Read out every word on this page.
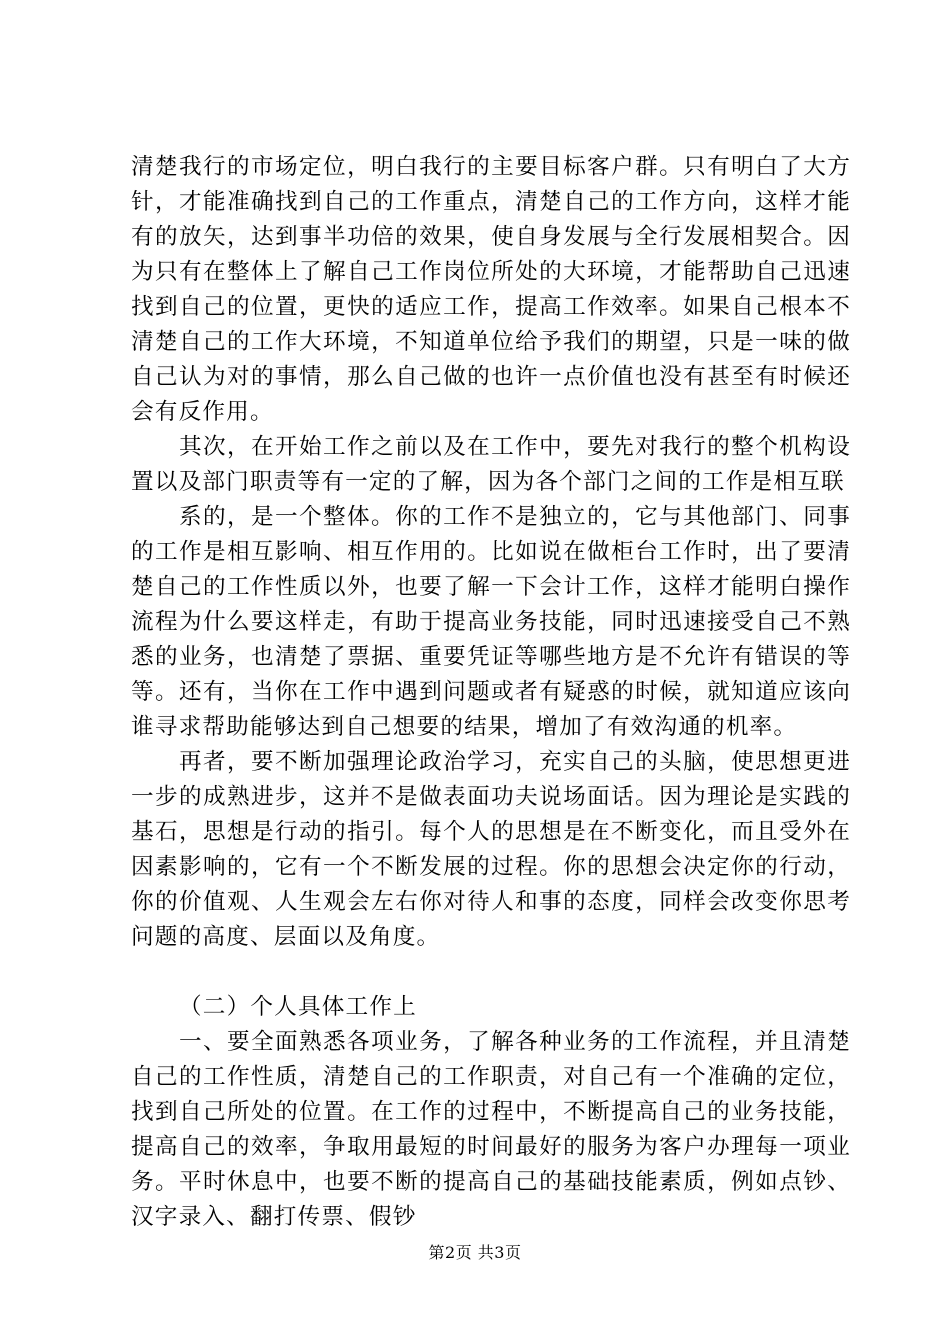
清楚我行的市场定位，明白我行的主要目标客户群。只有明白了大方针，才能准确找到自己的工作重点，清楚自己的工作方向，这样才能有的放矢，达到事半功倍的效果，使自身发展与全行发展相契合。因为只有在整体上了解自己工作岗位所处的大环境，才能帮助自己迅速找到自己的位置，更快的适应工作，提高工作效率。如果自己根本不清楚自己的工作大环境，不知道单位给予我们的期望，只是一味的做自己认为对的事情，那么自己做的也许一点价值也没有甚至有时候还会有反作用。

其次，在开始工作之前以及在工作中，要先对我行的整个机构设置以及部门职责等有一定的了解，因为各个部门之间的工作是相互联

系的，是一个整体。你的工作不是独立的，它与其他部门、同事的工作是相互影响、相互作用的。比如说在做柜台工作时，出了要清楚自己的工作性质以外，也要了解一下会计工作，这样才能明白操作流程为什么要这样走，有助于提高业务技能，同时迅速接受自己不熟悉的业务，也清楚了票据、重要凭证等哪些地方是不允许有错误的等等。还有，当你在工作中遇到问题或者有疑惑的时候，就知道应该向谁寻求帮助能够达到自己想要的结果，增加了有效沟通的机率。

再者，要不断加强理论政治学习，充实自己的头脑，使思想更进一步的成熟进步，这并不是做表面功夫说场面话。因为理论是实践的基石，思想是行动的指引。每个人的思想是在不断变化，而且受外在因素影响的，它有一个不断发展的过程。你的思想会决定你的行动，你的价值观、人生观会左右你对待人和事的态度，同样会改变你思考问题的高度、层面以及角度。

（二）个人具体工作上

一、要全面熟悉各项业务，了解各种业务的工作流程，并且清楚自己的工作性质，清楚自己的工作职责，对自己有一个准确的定位，找到自己所处的位置。在工作的过程中，不断提高自己的业务技能，提高自己的效率，争取用最短的时间最好的服务为客户办理每一项业务。平时休息中，也要不断的提高自己的基础技能素质，例如点钞、汉字录入、翻打传票、假钞

第2页 共3页
